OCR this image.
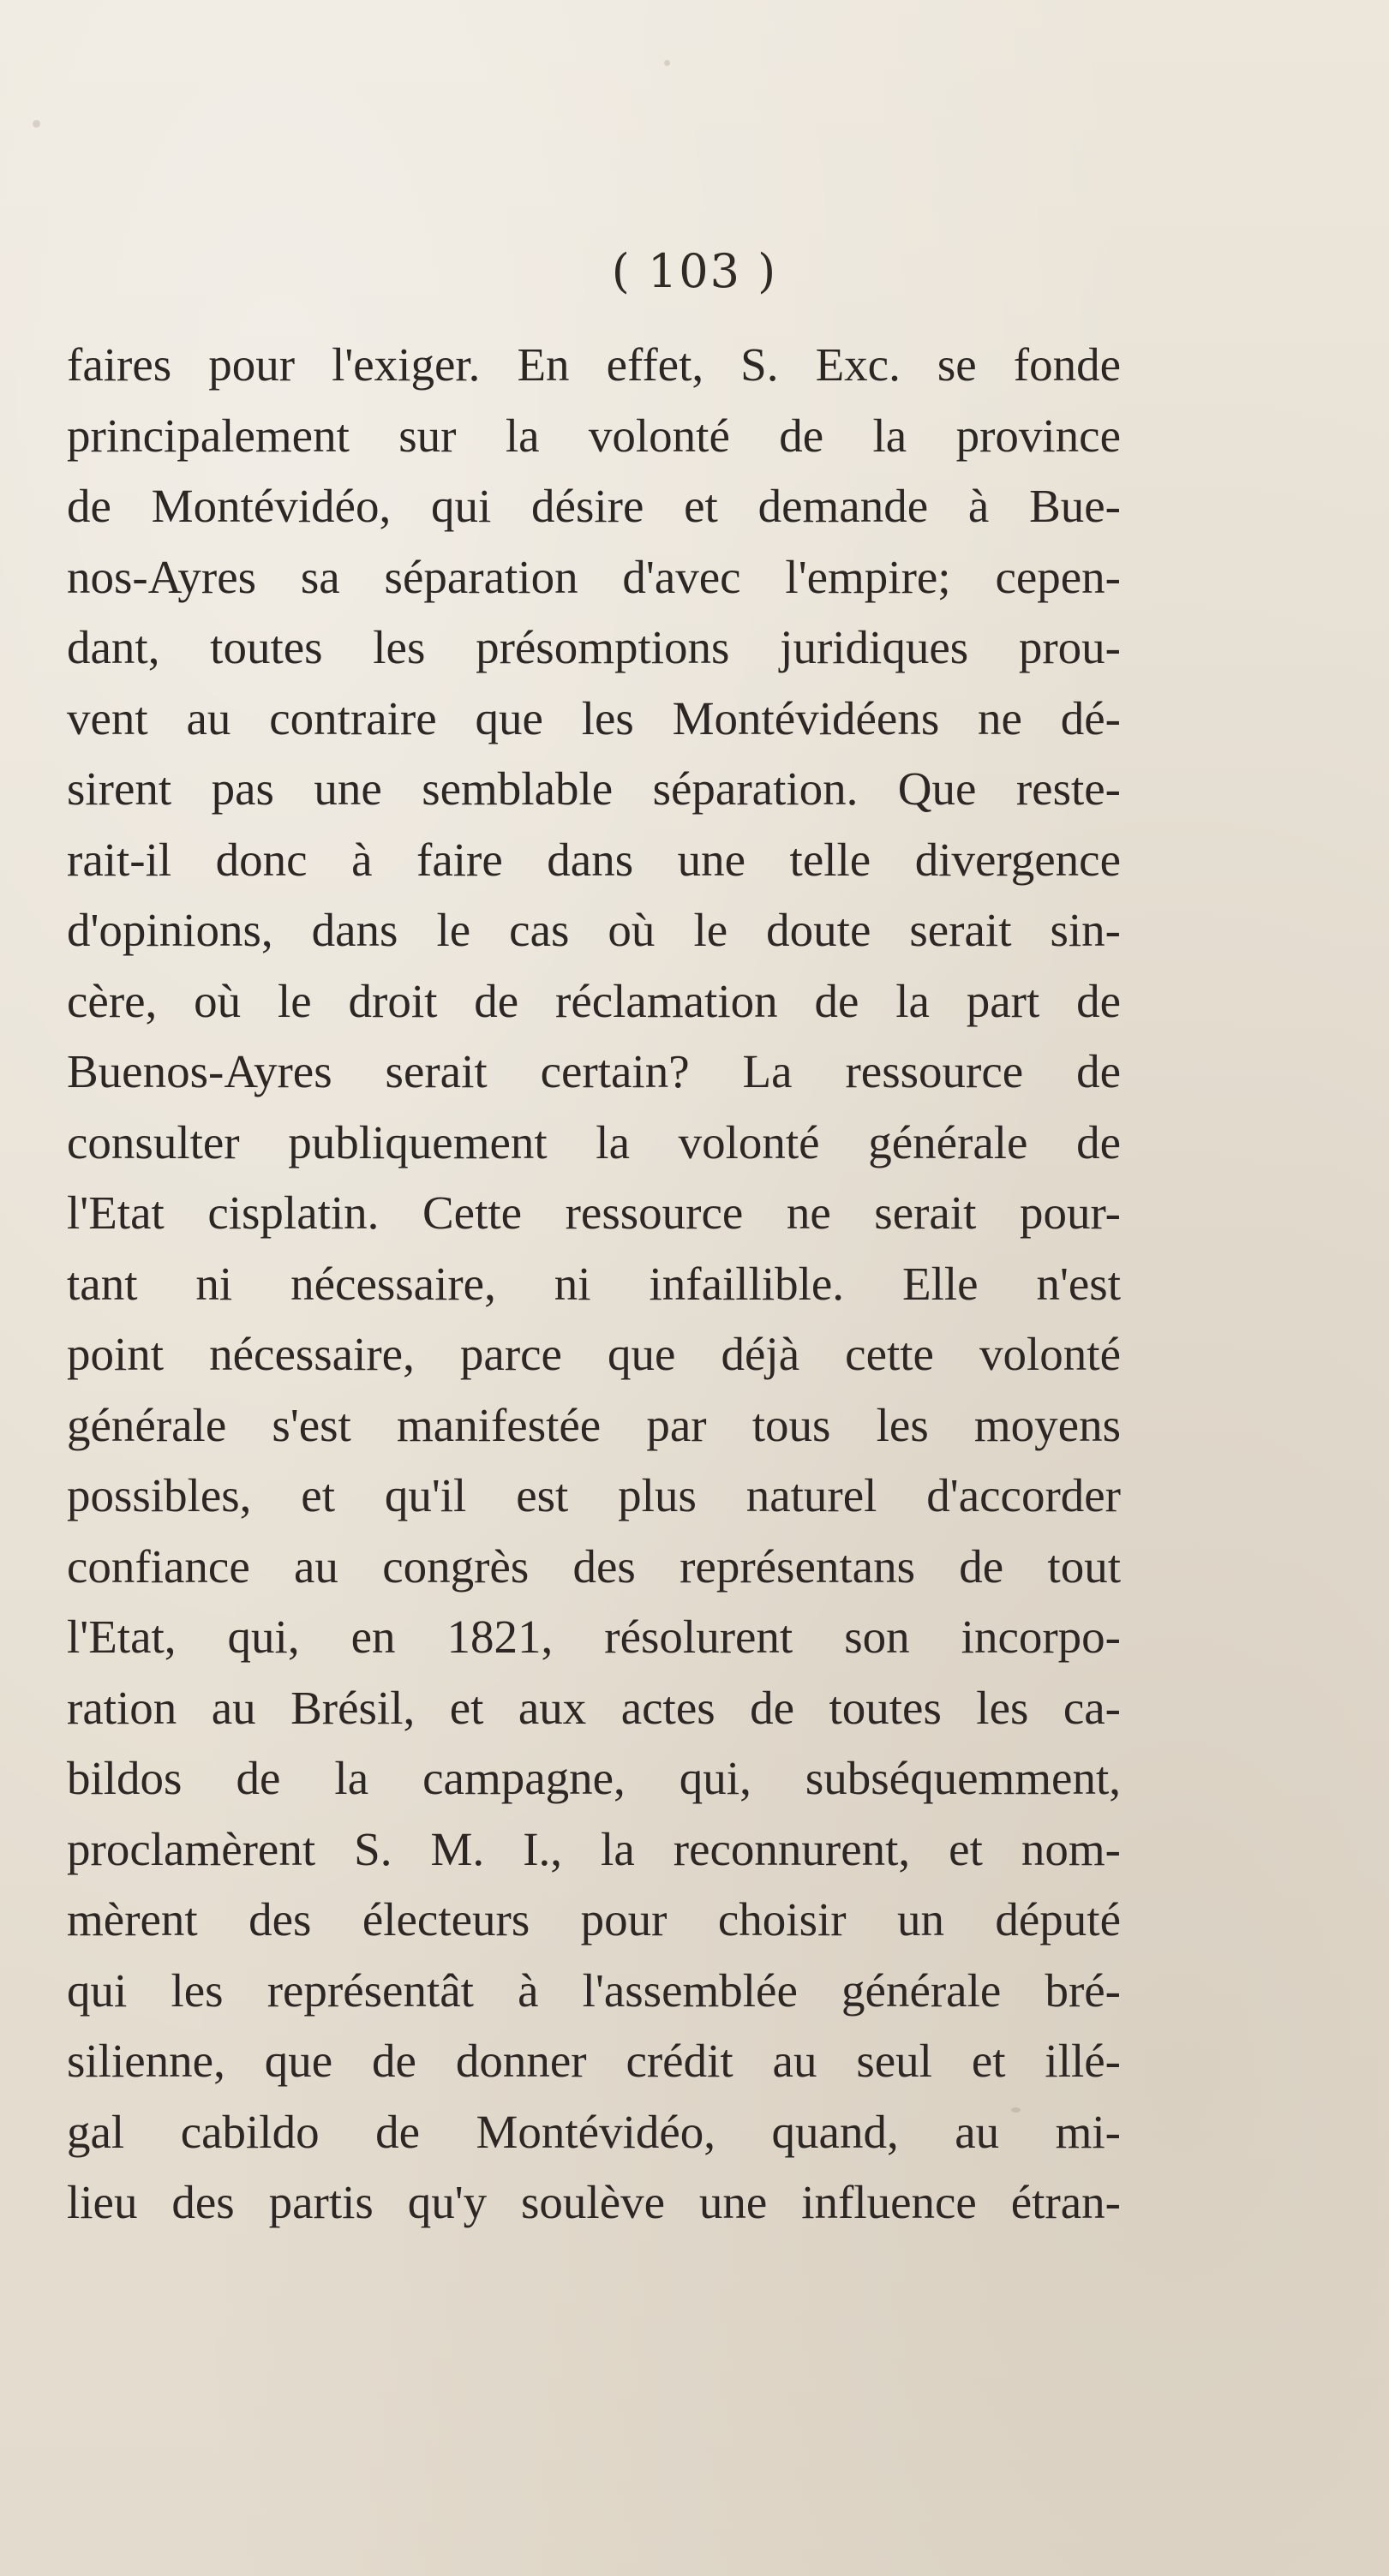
( 103 )
faires pour l'exiger. En effet, S. Exc. se fonde
principalement sur la volonté de la province
de Montévidéo, qui désire et demande à Bue-
nos-Ayres sa séparation d'avec l'empire; cepen-
dant, toutes les présomptions juridiques prou-
vent au contraire que les Montévidéens ne dé-
sirent pas une semblable séparation. Que reste-
rait-il donc à faire dans une telle divergence
d'opinions, dans le cas où le doute serait sin-
cère, où le droit de réclamation de la part de
Buenos-Ayres serait certain? La ressource de
consulter publiquement la volonté générale de
l'Etat cisplatin. Cette ressource ne serait pour-
tant ni nécessaire, ni infaillible. Elle n'est
point nécessaire, parce que déjà cette volonté
générale s'est manifestée par tous les moyens
possibles, et qu'il est plus naturel d'accorder
confiance au congrès des représentans de tout
l'Etat, qui, en 1821, résolurent son incorpo-
ration au Brésil, et aux actes de toutes les ca-
bildos de la campagne, qui, subséquemment,
proclamèrent S. M. I., la reconnurent, et nom-
mèrent des électeurs pour choisir un député
qui les représentât à l'assemblée générale bré-
silienne, que de donner crédit au seul et illé-
gal cabildo de Montévidéo, quand, au mi-
lieu des partis qu'y soulève une influence étran-
